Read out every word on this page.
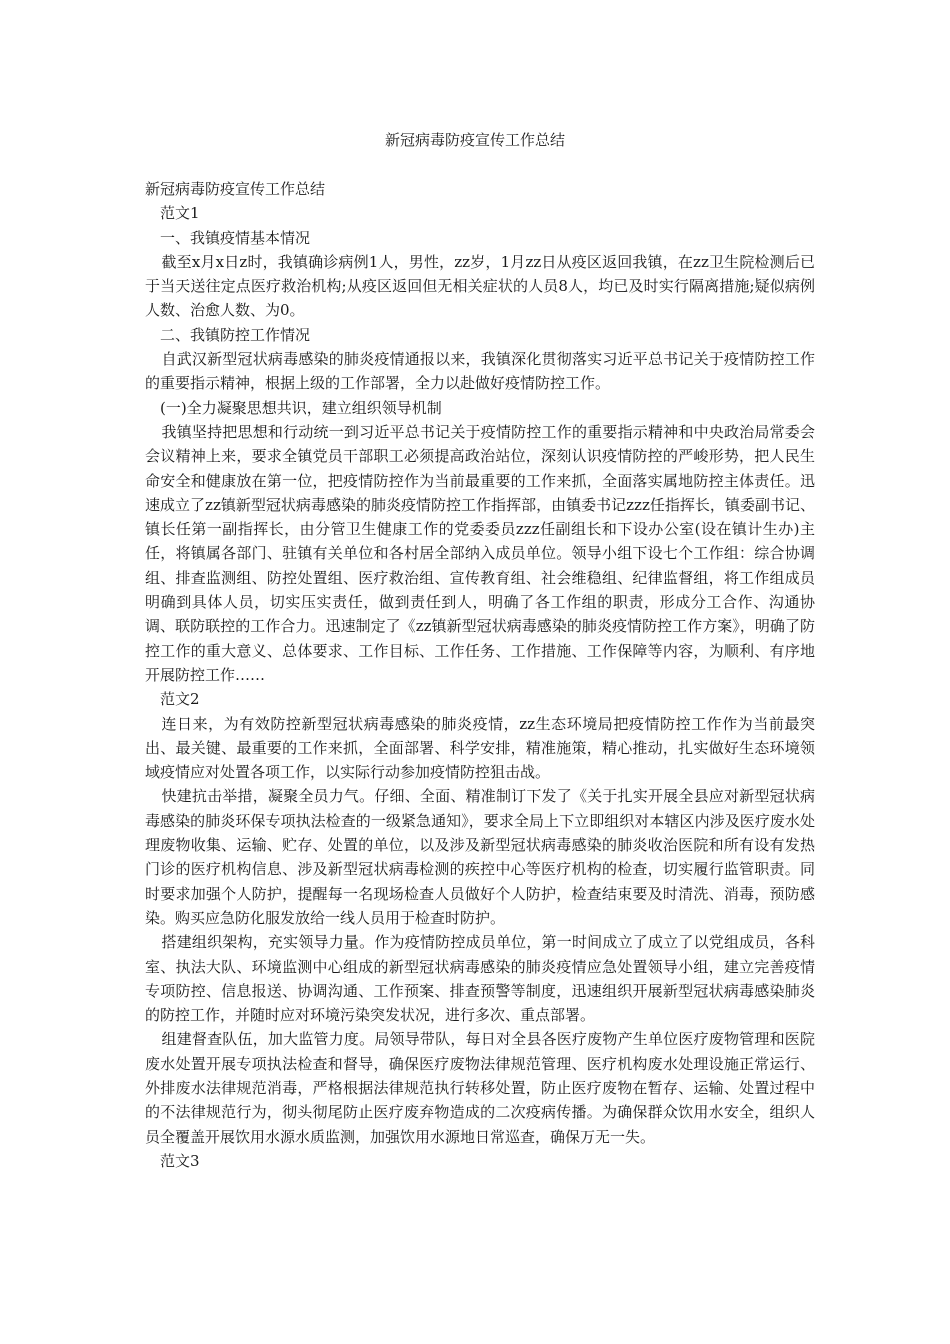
新冠病毒防疫宣传工作总结

新冠病毒防疫宣传工作总结

范文1

一、我镇疫情基本情况

截至x月x日z时，我镇确诊病例1人，男性，zz岁，1月zz日从疫区返回我镇，在zz卫生院检测后已于当天送往定点医疗救治机构;从疫区返回但无相关症状的人员8人，均已及时实行隔离措施;疑似病例人数、治愈人数、为0。

二、我镇防控工作情况

自武汉新型冠状病毒感染的肺炎疫情通报以来，我镇深化贯彻落实习近平总书记关于疫情防控工作的重要指示精神，根据上级的工作部署，全力以赴做好疫情防控工作。

(一)全力凝聚思想共识，建立组织领导机制

我镇坚持把思想和行动统一到习近平总书记关于疫情防控工作的重要指示精神和中央政治局常委会会议精神上来，要求全镇党员干部职工必须提高政治站位，深刻认识疫情防控的严峻形势，把人民生命安全和健康放在第一位，把疫情防控作为当前最重要的工作来抓，全面落实属地防控主体责任。迅速成立了zz镇新型冠状病毒感染的肺炎疫情防控工作指挥部，由镇委书记zzz任指挥长，镇委副书记、镇长任第一副指挥长，由分管卫生健康工作的党委委员zzz任副组长和下设办公室(设在镇计生办)主任，将镇属各部门、驻镇有关单位和各村居全部纳入成员单位。领导小组下设七个工作组：综合协调组、排查监测组、防控处置组、医疗救治组、宣传教育组、社会维稳组、纪律监督组，将工作组成员明确到具体人员，切实压实责任，做到责任到人，明确了各工作组的职责，形成分工合作、沟通协调、联防联控的工作合力。迅速制定了《zz镇新型冠状病毒感染的肺炎疫情防控工作方案》，明确了防控工作的重大意义、总体要求、工作目标、工作任务、工作措施、工作保障等内容，为顺利、有序地开展防控工作……

范文2

连日来，为有效防控新型冠状病毒感染的肺炎疫情，zz生态环境局把疫情防控工作作为当前最突出、最关键、最重要的工作来抓，全面部署、科学安排，精准施策，精心推动，扎实做好生态环境领域疫情应对处置各项工作，以实际行动参加疫情防控狙击战。

快建抗击举措，凝聚全员力气。仔细、全面、精准制订下发了《关于扎实开展全县应对新型冠状病毒感染的肺炎环保专项执法检查的一级紧急通知》，要求全局上下立即组织对本辖区内涉及医疗废水处理废物收集、运输、贮存、处置的单位，以及涉及新型冠状病毒感染的肺炎收治医院和所有设有发热门诊的医疗机构信息、涉及新型冠状病毒检测的疾控中心等医疗机构的检查，切实履行监管职责。同时要求加强个人防护，提醒每一名现场检查人员做好个人防护，检查结束要及时清洗、消毒，预防感染。购买应急防化服发放给一线人员用于检查时防护。

搭建组织架构，充实领导力量。作为疫情防控成员单位，第一时间成立了成立了以党组成员，各科室、执法大队、环境监测中心组成的新型冠状病毒感染的肺炎疫情应急处置领导小组，建立完善疫情专项防控、信息报送、协调沟通、工作预案、排查预警等制度，迅速组织开展新型冠状病毒感染肺炎的防控工作，并随时应对环境污染突发状况，进行多次、重点部署。

组建督查队伍，加大监管力度。局领导带队，每日对全县各医疗废物产生单位医疗废物管理和医院废水处置开展专项执法检查和督导，确保医疗废物法律规范管理、医疗机构废水处理设施正常运行、外排废水法律规范消毒，严格根据法律规范执行转移处置，防止医疗废物在暂存、运输、处置过程中的不法律规范行为，彻头彻尾防止医疗废弃物造成的二次疫病传播。为确保群众饮用水安全，组织人员全覆盖开展饮用水源水质监测，加强饮用水源地日常巡查，确保万无一失。

范文3
